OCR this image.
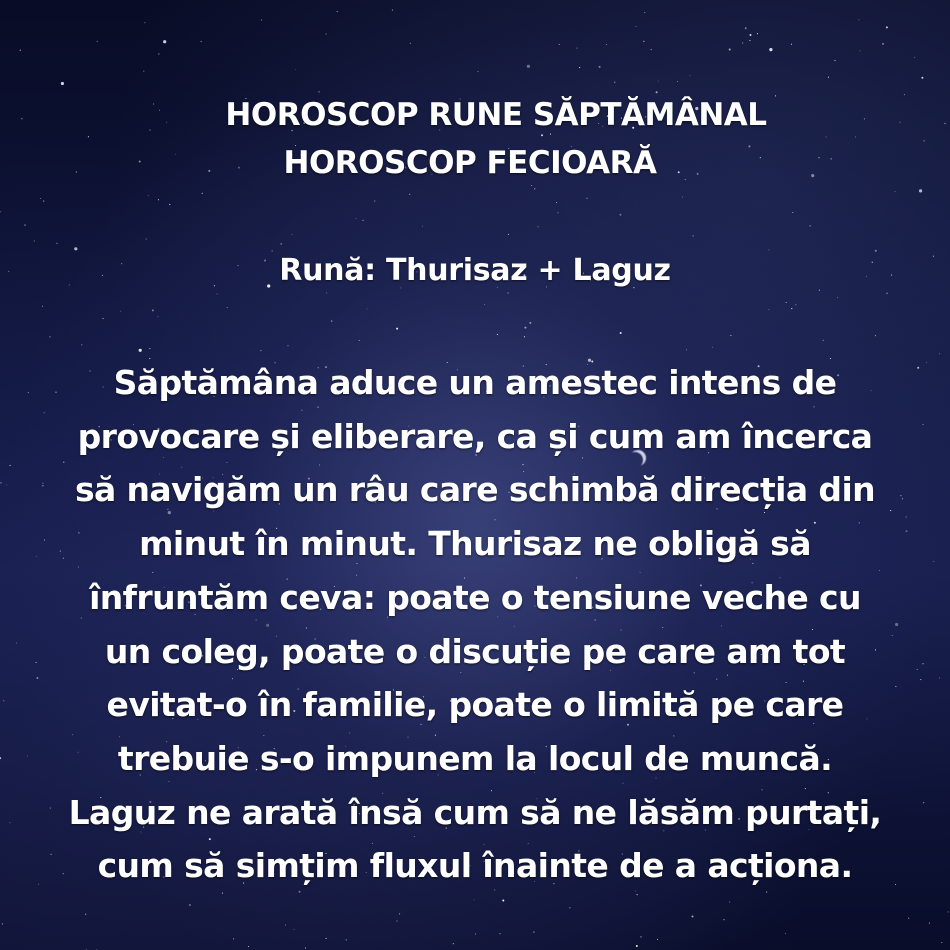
HOROSCOP RUNE SĂPTĂMÂNAL
HOROSCOP FECIOARĂ
Rună: Thurisaz + Laguz
Săptămâna aduce un amestec intens de
provocare și eliberare, ca și cum am încerca
să navigăm un râu care schimbă direcția din
minut în minut. Thurisaz ne obligă să
înfruntăm ceva: poate o tensiune veche cu
un coleg, poate o discuție pe care am tot
evitat-o în familie, poate o limită pe care
trebuie s-o impunem la locul de muncă.
Laguz ne arată însă cum să ne lăsăm purtați,
cum să simțim fluxul înainte de a acționa.
